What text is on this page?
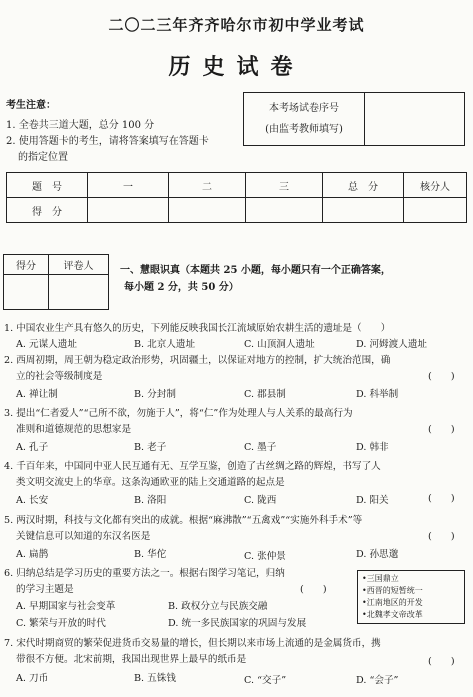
二〇二三年齐齐哈尔市初中学业考试
历史试卷
考生注意：
1. 全卷共三道大题，总分 100 分
2. 使用答题卡的考生，请将答案填写在答题卡
的指定位置
本考场试卷序号
(由监考教师填写)

题　号	一	二	三	总　分	核分人
得　分					
得分	评卷人
		一、慧眼识真（本题共 25 小题，每小题只有一个正确答案，
每小题 2 分，共 50 分）
1. 中国农业生产具有悠久的历史，下列能反映我国长江流域原始农耕生活的遗址是（　　）
A. 元谋人遗址	B. 北京人遗址	C. 山顶洞人遗址	D. 河姆渡人遗址
2. 西周初期，周王朝为稳定政治形势，巩固疆土，以保证对地方的控制，扩大统治范围，确
立的社会等级制度是	(　　)
A. 禅让制	B. 分封制	C. 郡县制	D. 科举制
3. 提出“仁者爱人”“己所不欲，勿施于人”，将“仁”作为处理人与人关系的最高行为
准则和道德规范的思想家是	(　　)
A. 孔子	B. 老子	C. 墨子	D. 韩非
4. 千百年来，中国同中亚人民互通有无、互学互鉴，创造了古丝绸之路的辉煌，书写了人
类文明交流史上的华章。这条沟通欧亚的陆上交通道路的起点是
(　　)
A. 长安	B. 洛阳	C. 陇西	D. 阳关
5. 两汉时期，科技与文化都有突出的成就。根据“麻沸散”“五禽戏”“实施外科手术”等
关键信息可以知道的东汉名医是	(　　)
A. 扁鹊	B. 华佗	C. 张仲景	D. 孙思邈
6. 归纳总结是学习历史的重要方法之一。根据右图学习笔记，归纳
的学习主题是	(　　)
A. 早期国家与社会变革	B. 政权分立与民族交融
C. 繁荣与开放的时代	D. 统一多民族国家的巩固与发展
•三国鼎立
•西晋的短暂统一
•江南地区的开发
•北魏孝文帝改革
7. 宋代时期商贸的繁荣促进货币交易量的增长，但长期以来市场上流通的是金属货币，携
带很不方便。北宋前期，我国出现世界上最早的纸币是	(　　)
A. 刀币	B. 五铢钱	C. “交子”	D. “会子”
